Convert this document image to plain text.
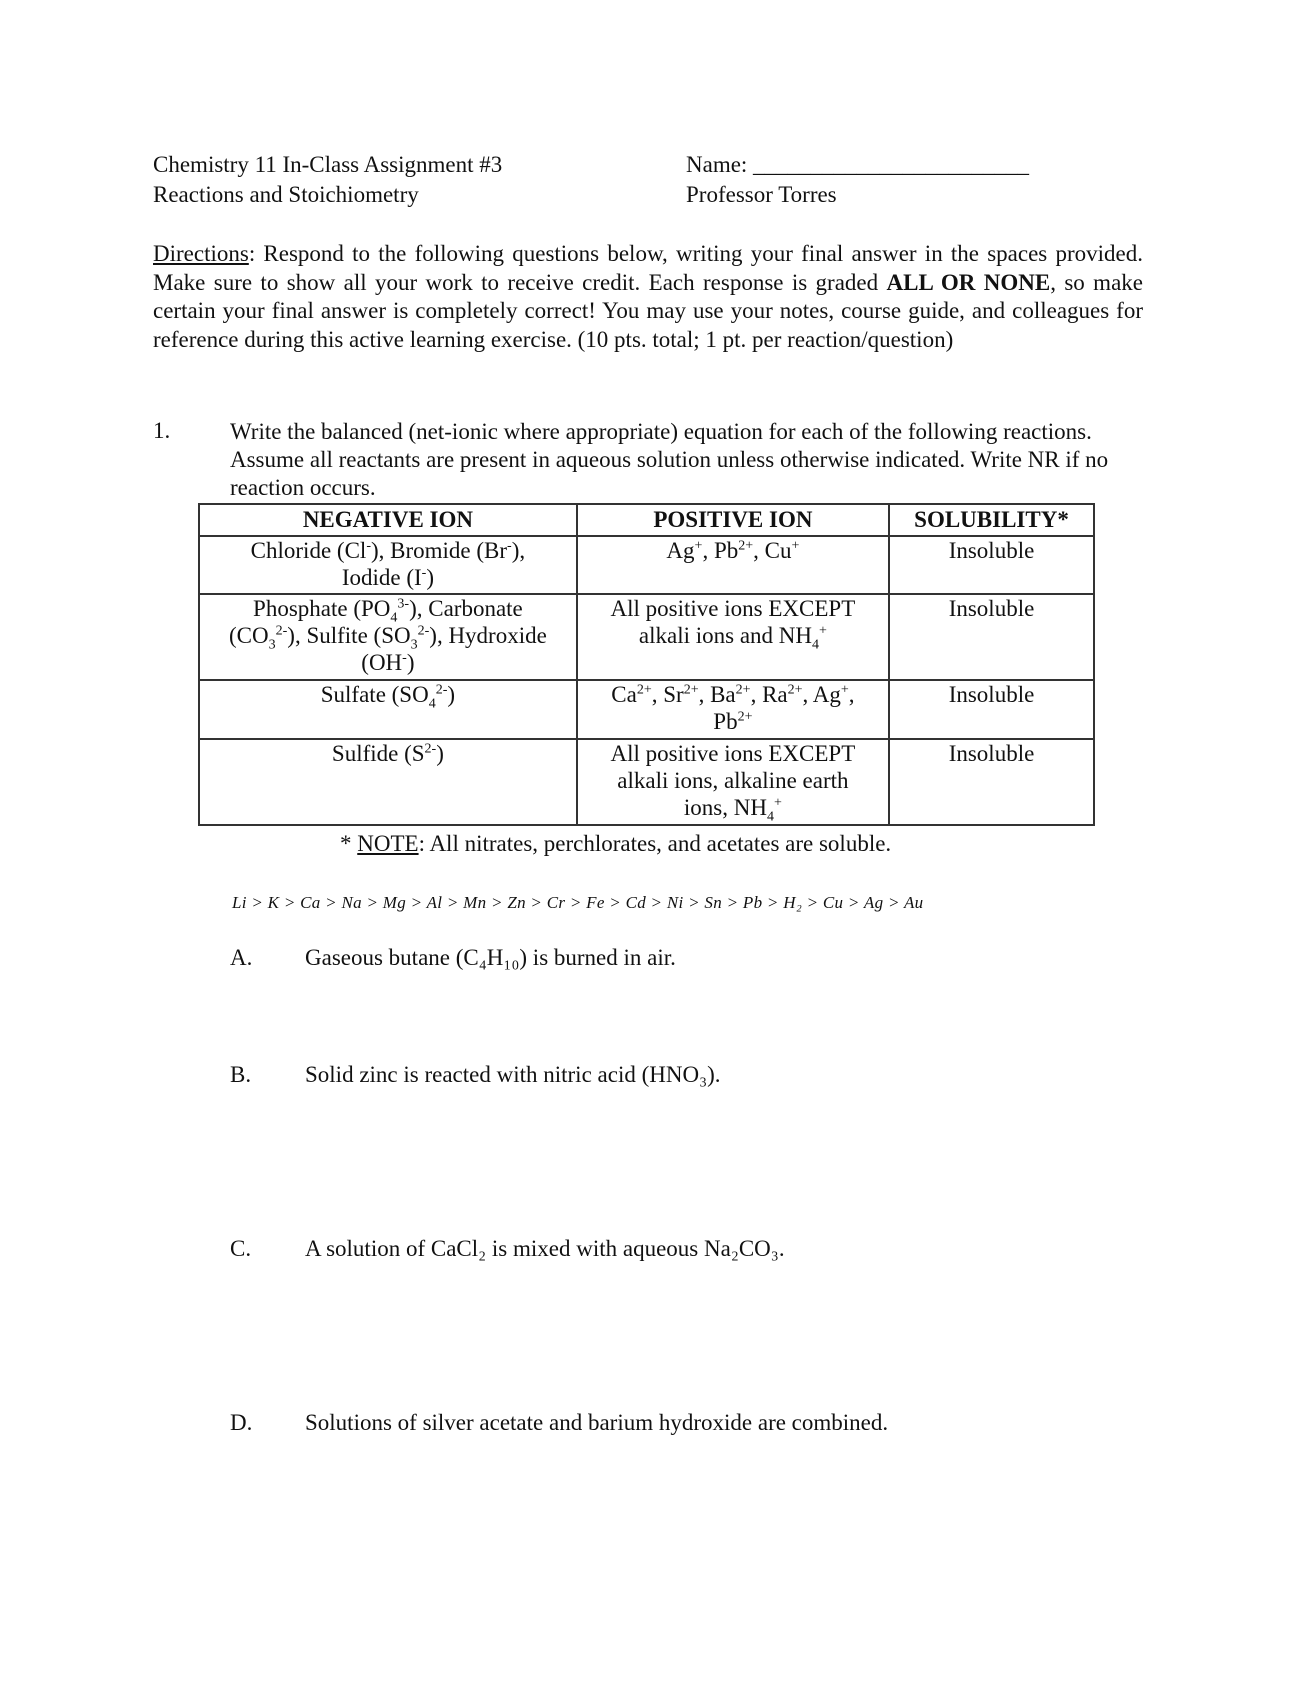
Chemistry 11 In-Class Assignment #3
Reactions and Stoichiometry
Name: ________________________
Professor Torres
Directions: Respond to the following questions below, writing your final answer in the spaces provided. Make sure to show all your work to receive credit. Each response is graded ALL OR NONE, so make certain your final answer is completely correct! You may use your notes, course guide, and colleagues for reference during this active learning exercise. (10 pts. total; 1 pt. per reaction/question)
1.	Write the balanced (net-ionic where appropriate) equation for each of the following reactions. Assume all reactants are present in aqueous solution unless otherwise indicated. Write NR if no reaction occurs.
NEGATIVE ION	POSITIVE ION	SOLUBILITY*
Chloride (Cl-), Bromide (Br-),
Iodide (I-)	Ag+, $Pb^{2+}$, Cu+	Insoluble
Phosphate $(PO_4^{3-})$, Carbonate
$(CO_3^{2-})$, Sulfite $(SO_3^{2-})$, Hydroxide
(OH-)	All positive ions EXCEPT
alkali ions and $NH_4^+$	Insoluble
Sulfate $(SO_4^{2-})$	$Ca^{2+}$, $Sr^{2+}$, $Ba^{2+}$, $Ra^{2+}$, Ag+,
$Pb^{2+}$	Insoluble
Sulfide $(S^{2-})$	All positive ions EXCEPT
alkali ions, alkaline earth
ions, $NH_4^+$	Insoluble
* NOTE: All nitrates, perchlorates, and acetates are soluble.
Li > K > Ca > Na > Mg > Al > Mn > Zn > Cr > Fe > Cd > Ni > Sn > Pb > H₂ > Cu > Ag > Au
A. Gaseous butane (C₄H₁₀) is burned in air.
B. Solid zinc is reacted with nitric acid (HNO₃).
C. A solution of CaCl₂ is mixed with aqueous Na₂CO₃.
D. Solutions of silver acetate and barium hydroxide are combined.
